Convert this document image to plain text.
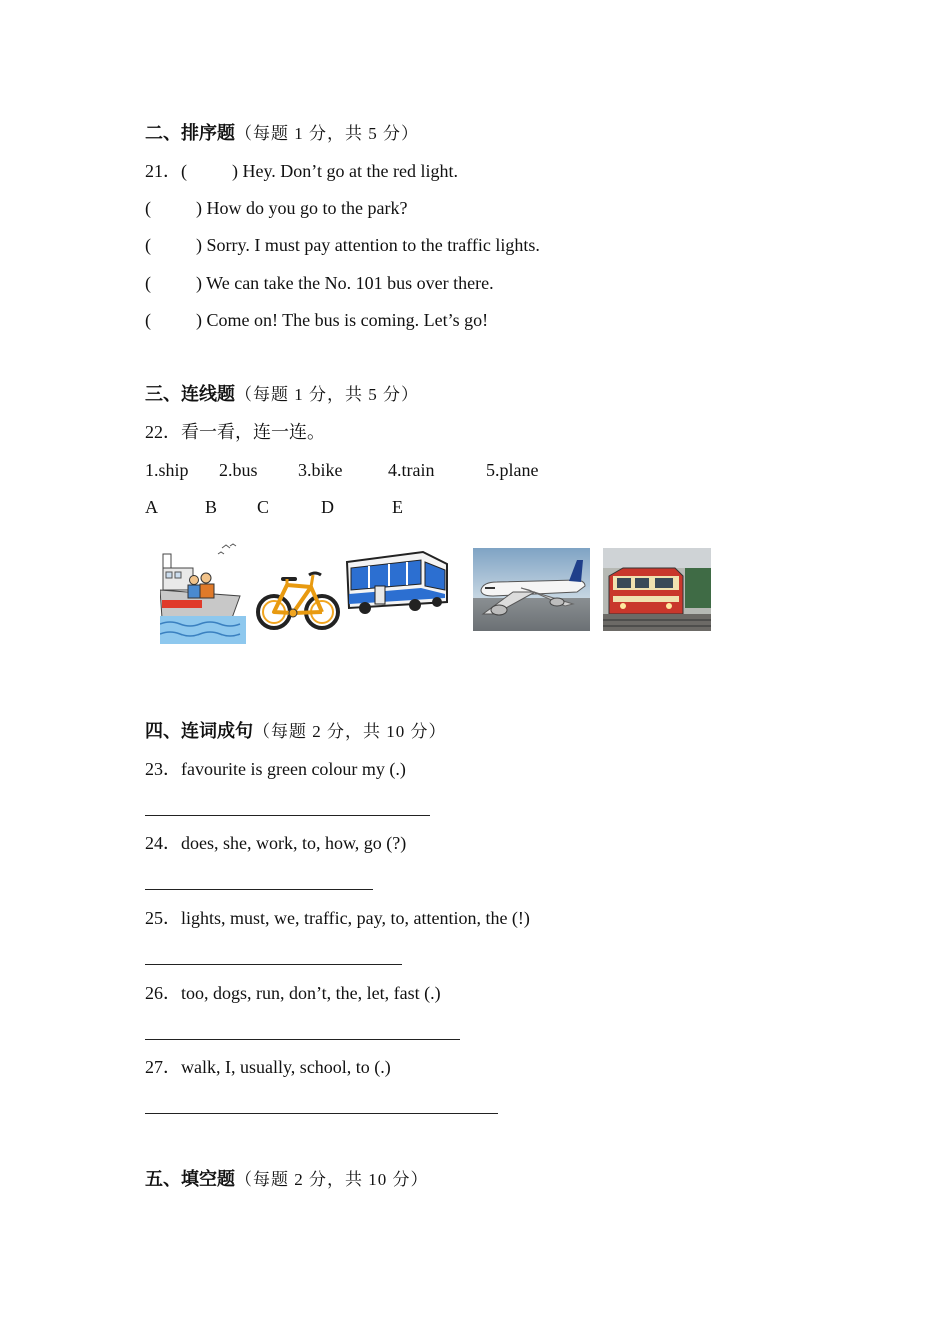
二、排序题（每题 1 分，共 5 分）
21．(          ) Hey. Don’t go at the red light.
(          ) How do you go to the park?
(          ) Sorry. I must pay attention to the traffic lights.
(          ) We can take the No. 101 bus over there.
(          ) Come on! The bus is coming. Let’s go!
三、连线题（每题 1 分，共 5 分）
22．看一看，连一连。
1.ship 2.bus 3.bike	4.train	5.plane
A	B C	D	E
四、连词成句（每题 2 分，共 10 分）
23．favourite is green colour my (.)
24．does, she, work, to, how, go (?)
25．lights, must, we, traffic, pay, to, attention, the (!)
26．too, dogs, run, don’t, the, let, fast (.)
27．walk, I, usually, school, to (.)
五、填空题（每题 2 分，共 10 分）
